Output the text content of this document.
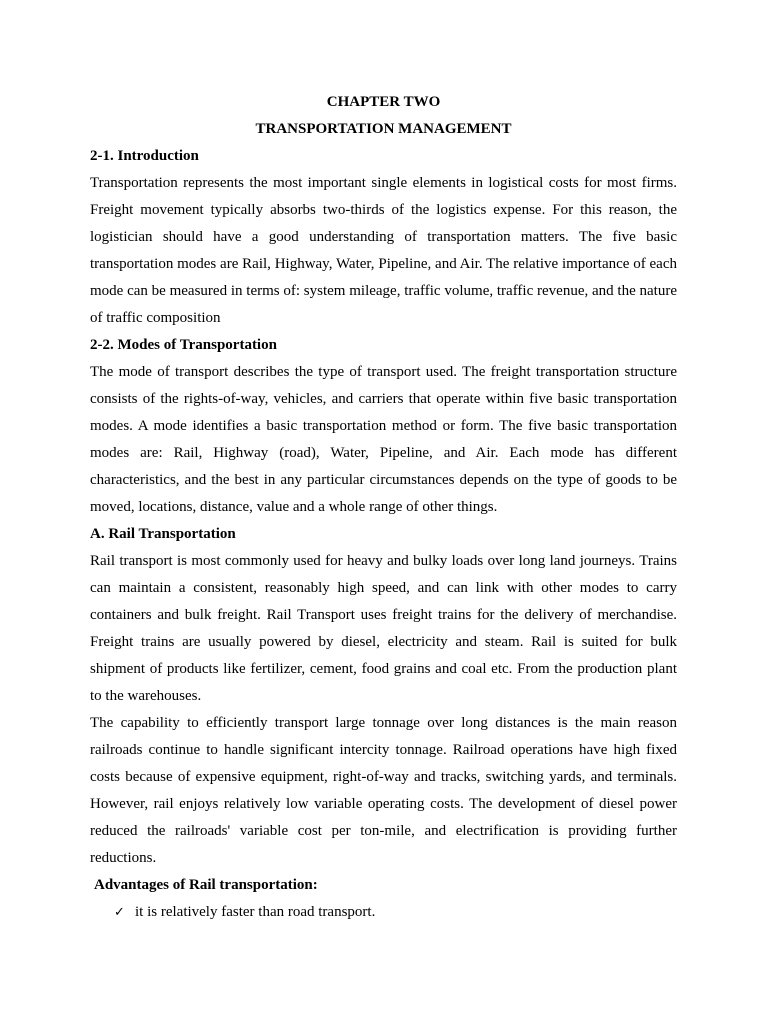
CHAPTER TWO

TRANSPORTATION MANAGEMENT

2-1. Introduction

Transportation represents the most important single elements in logistical costs for most firms. Freight movement typically absorbs two-thirds of the logistics expense. For this reason, the logistician should have a good understanding of transportation matters. The five basic transportation modes are Rail, Highway, Water, Pipeline, and Air. The relative importance of each mode can be measured in terms of: system mileage, traffic volume, traffic revenue, and the nature of traffic composition

2-2. Modes of Transportation

The mode of transport describes the type of transport used. The freight transportation structure consists of the rights-of-way, vehicles, and carriers that operate within five basic transportation modes. A mode identifies a basic transportation method or form. The five basic transportation modes are: Rail, Highway (road), Water, Pipeline, and Air. Each mode has different characteristics, and the best in any particular circumstances depends on the type of goods to be moved, locations, distance, value and a whole range of other things.

A. Rail Transportation

Rail transport is most commonly used for heavy and bulky loads over long land journeys. Trains can maintain a consistent, reasonably high speed, and can link with other modes to carry containers and bulk freight. Rail Transport uses freight trains for the delivery of merchandise. Freight trains are usually powered by diesel, electricity and steam. Rail is suited for bulk shipment of products like fertilizer, cement, food grains and coal etc. From the production plant to the warehouses.

The capability to efficiently transport large tonnage over long distances is the main reason railroads continue to handle significant intercity tonnage. Railroad operations have high fixed costs because of expensive equipment, right-of-way and tracks, switching yards, and terminals. However, rail enjoys relatively low variable operating costs. The development of diesel power reduced the railroads' variable cost per ton-mile, and electrification is providing further reductions.

Advantages of Rail transportation:
✓ it is relatively faster than road transport.
